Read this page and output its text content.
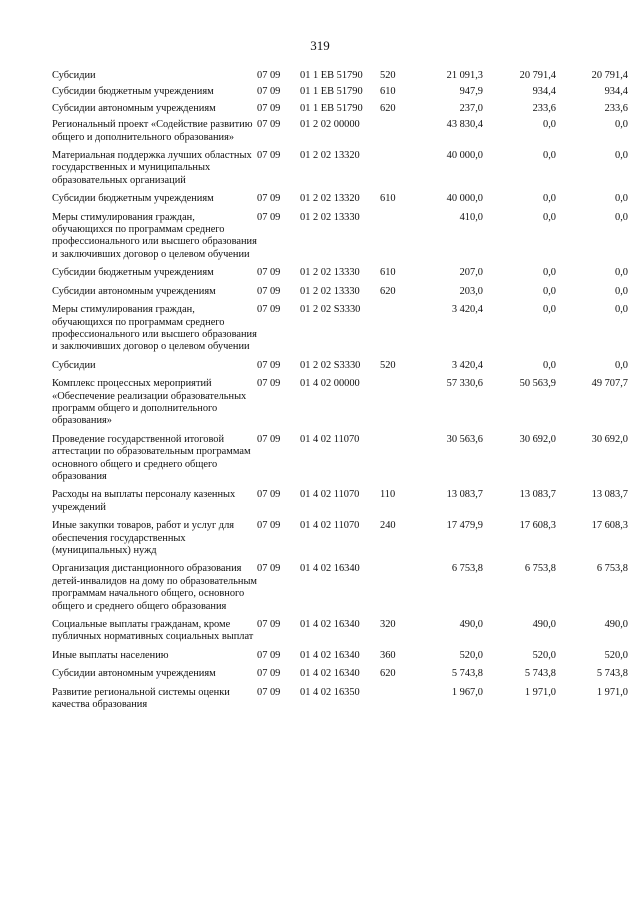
319
Субсидии	07 09	01 1 EB 51790	520	21 091,3	20 791,4	20 791,4
Субсидии бюджетным учреждениям	07 09	01 1 EB 51790	610	947,9	934,4	934,4
Субсидии автономным учреждениям	07 09	01 1 EB 51790	620	237,0	233,6	233,6
Региональный проект «Содействие развитию общего и дополнительного образования»	07 09	01 2 02 00000		43 830,4	0,0	0,0
Материальная поддержка лучших областных государственных и муниципальных образовательных организаций	07 09	01 2 02 13320		40 000,0	0,0	0,0
Субсидии бюджетным учреждениям	07 09	01 2 02 13320	610	40 000,0	0,0	0,0
Меры стимулирования граждан, обучающихся по программам среднего профессионального или высшего образования и заключивших договор о целевом обучении	07 09	01 2 02 13330		410,0	0,0	0,0
Субсидии бюджетным учреждениям	07 09	01 2 02 13330	610	207,0	0,0	0,0
Субсидии автономным учреждениям	07 09	01 2 02 13330	620	203,0	0,0	0,0
Меры стимулирования граждан, обучающихся по программам среднего профессионального или высшего образования и заключивших договор о целевом обучении	07 09	01 2 02 S3330		3 420,4	0,0	0,0
Субсидии	07 09	01 2 02 S3330	520	3 420,4	0,0	0,0
Комплекс процессных мероприятий «Обеспечение реализации образовательных программ общего и дополнительного образования»	07 09	01 4 02 00000		57 330,6	50 563,9	49 707,7
Проведение государственной итоговой аттестации по образовательным программам основного общего и среднего общего образования	07 09	01 4 02 11070		30 563,6	30 692,0	30 692,0
Расходы на выплаты персоналу казенных учреждений	07 09	01 4 02 11070	110	13 083,7	13 083,7	13 083,7
Иные закупки товаров, работ и услуг для обеспечения государственных (муниципальных) нужд	07 09	01 4 02 11070	240	17 479,9	17 608,3	17 608,3
Организация дистанционного образования детей-инвалидов на дому по образовательным программам начального общего, основного общего и среднего общего образования	07 09	01 4 02 16340		6 753,8	6 753,8	6 753,8
Социальные выплаты гражданам, кроме публичных нормативных социальных выплат	07 09	01 4 02 16340	320	490,0	490,0	490,0
Иные выплаты населению	07 09	01 4 02 16340	360	520,0	520,0	520,0
Субсидии автономным учреждениям	07 09	01 4 02 16340	620	5 743,8	5 743,8	5 743,8
Развитие региональной системы оценки качества образования	07 09	01 4 02 16350		1 967,0	1 971,0	1 971,0
